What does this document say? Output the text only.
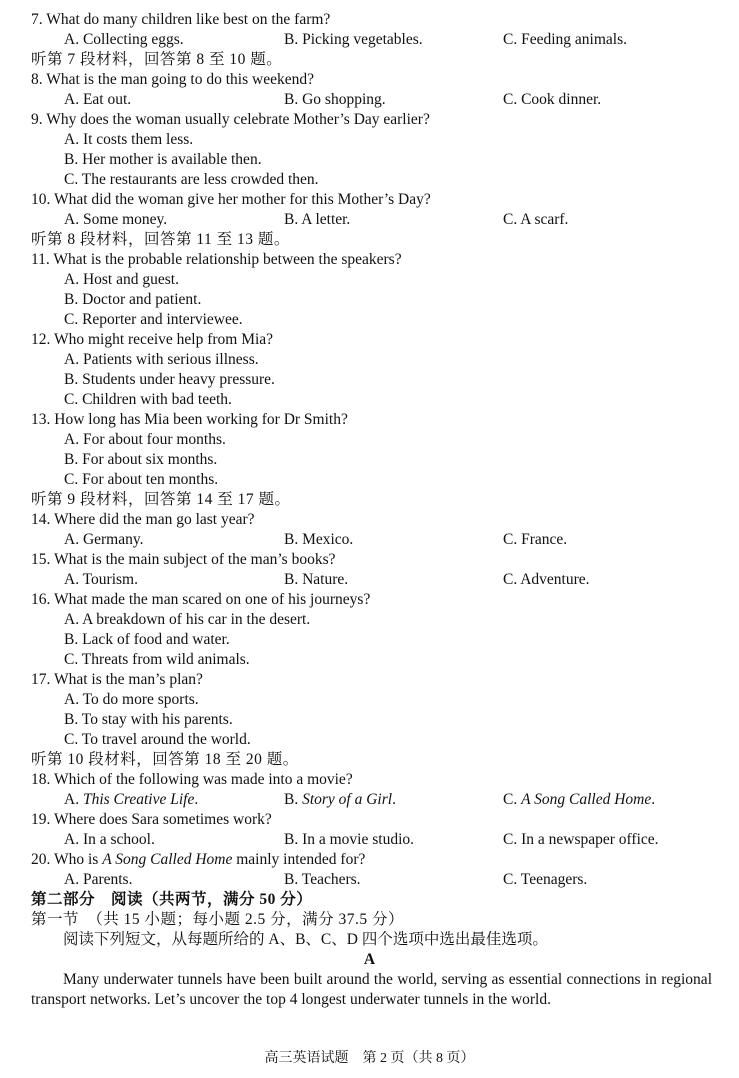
7. What do many children like best on the farm?
A. Collecting eggs.	B. Picking vegetables.	C. Feeding animals.
听第 7 段材料，回答第 8 至 10 题。
8. What is the man going to do this weekend?
A. Eat out.	B. Go shopping.	C. Cook dinner.
9. Why does the woman usually celebrate Mother’s Day earlier?
A. It costs them less.
B. Her mother is available then.
C. The restaurants are less crowded then.
10. What did the woman give her mother for this Mother’s Day?
A. Some money.	B. A letter.	C. A scarf.
听第 8 段材料，回答第 11 至 13 题。
11. What is the probable relationship between the speakers?
A. Host and guest.
B. Doctor and patient.
C. Reporter and interviewee.
12. Who might receive help from Mia?
A. Patients with serious illness.
B. Students under heavy pressure.
C. Children with bad teeth.
13. How long has Mia been working for Dr Smith?
A. For about four months.
B. For about six months.
C. For about ten months.
听第 9 段材料，回答第 14 至 17 题。
14. Where did the man go last year?
A. Germany.	B. Mexico.	C. France.
15. What is the main subject of the man’s books?
A. Tourism.	B. Nature.	C. Adventure.
16. What made the man scared on one of his journeys?
A. A breakdown of his car in the desert.
B. Lack of food and water.
C. Threats from wild animals.
17. What is the man’s plan?
A. To do more sports.
B. To stay with his parents.
C. To travel around the world.
听第 10 段材料，回答第 18 至 20 题。
18. Which of the following was made into a movie?
A. This Creative Life.	B. Story of a Girl.	C. A Song Called Home.
19. Where does Sara sometimes work?
A. In a school.	B. In a movie studio.	C. In a newspaper office.
20. Who is A Song Called Home mainly intended for?
A. Parents.	B. Teachers.	C. Teenagers.
第二部分　阅读（共两节，满分 50 分）
第一节　（共 15 小题；每小题 2.5 分，满分 37.5 分）
阅读下列短文，从每题所给的 A、B、C、D 四个选项中选出最佳选项。
A
Many underwater tunnels have been built around the world, serving as essential connections in regional transport networks. Let’s uncover the top 4 longest underwater tunnels in the world.
高三英语试题　第 2 页（共 8 页）
